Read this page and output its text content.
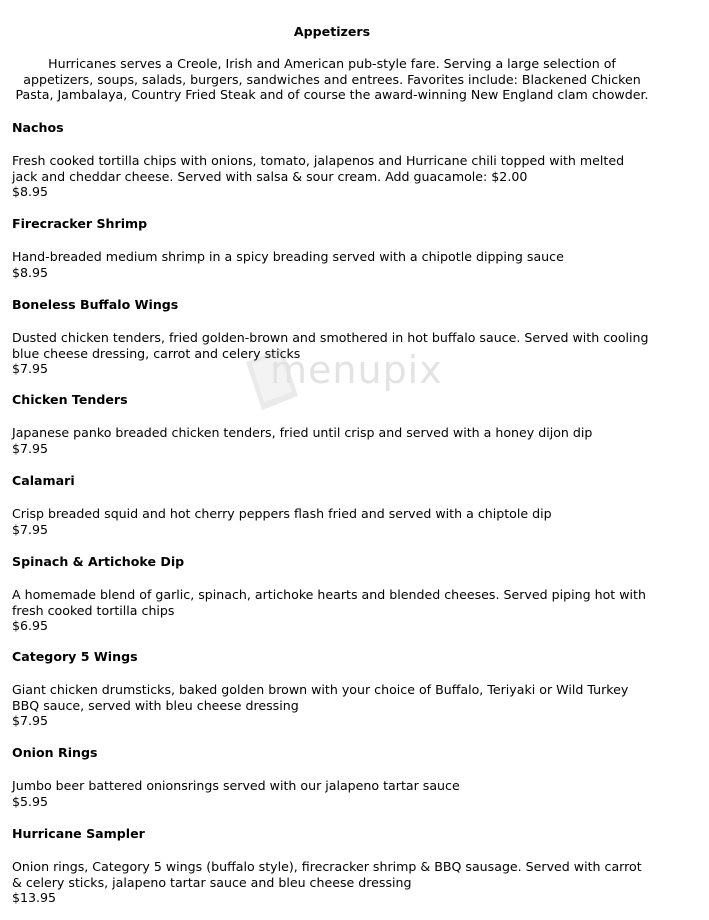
Appetizers
Hurricanes serves a Creole, Irish and American pub-style fare. Serving a large selection of
appetizers, soups, salads, burgers, sandwiches and entrees. Favorites include: Blackened Chicken
Pasta, Jambalaya, Country Fried Steak and of course the award-winning New England clam chowder.
Nachos
Fresh cooked tortilla chips with onions, tomato, jalapenos and Hurricane chili topped with melted
jack and cheddar cheese. Served with salsa & sour cream. Add guacamole: $2.00
$8.95
Firecracker Shrimp
Hand-breaded medium shrimp in a spicy breading served with a chipotle dipping sauce
$8.95
Boneless Buffalo Wings
Dusted chicken tenders, fried golden-brown and smothered in hot buffalo sauce. Served with cooling
blue cheese dressing, carrot and celery sticks
$7.95
Chicken Tenders
Japanese panko breaded chicken tenders, fried until crisp and served with a honey dijon dip
$7.95
Calamari
Crisp breaded squid and hot cherry peppers flash fried and served with a chiptole dip
$7.95
Spinach & Artichoke Dip
A homemade blend of garlic, spinach, artichoke hearts and blended cheeses. Served piping hot with
fresh cooked tortilla chips
$6.95
Category 5 Wings
Giant chicken drumsticks, baked golden brown with your choice of Buffalo, Teriyaki or Wild Turkey
BBQ sauce, served with bleu cheese dressing
$7.95
Onion Rings
Jumbo beer battered onionsrings served with our jalapeno tartar sauce
$5.95
Hurricane Sampler
Onion rings, Category 5 wings (buffalo style), firecracker shrimp & BBQ sausage. Served with carrot
& celery sticks, jalapeno tartar sauce and bleu cheese dressing
$13.95
menupix
